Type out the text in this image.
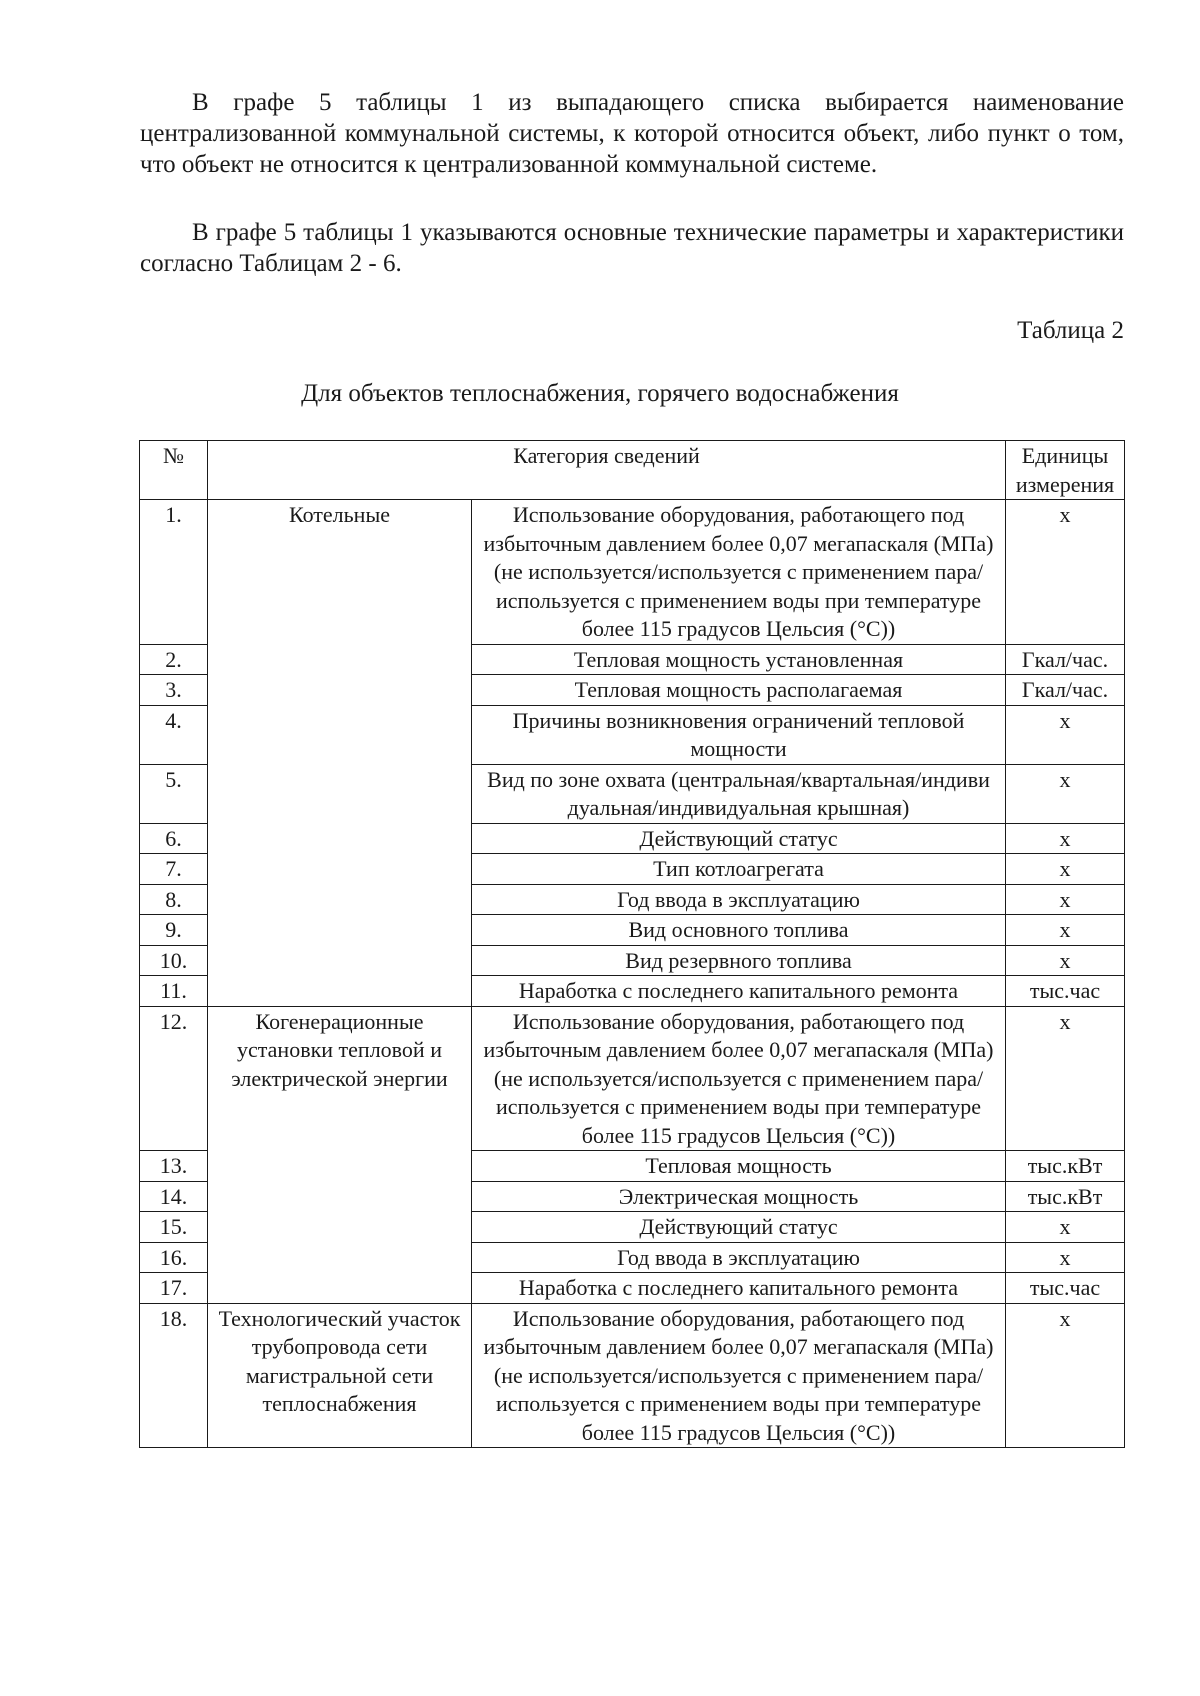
В графе 5 таблицы 1 из выпадающего списка выбирается наименование централизованной коммунальной системы, к которой относится объект, либо пункт о том, что объект не относится к централизованной коммунальной системе.

В графе 5 таблицы 1 указываются основные технические параметры и характеристики согласно Таблицам 2 - 6.

Таблица 2

Для объектов теплоснабжения, горячего водоснабжения

№	Категория сведений		Единицы измерения
1.	Котельные	Использование оборудования, работающего под избыточным давлением более 0,07 мегапаскаля (МПа) (не используется/используется с применением пара/используется с применением воды при температуре более 115 градусов Цельсия (°C))	x
2.		Тепловая мощность установленная	Гкал/час.
3.		Тепловая мощность располагаемая	Гкал/час.
4.		Причины возникновения ограничений тепловой мощности	x
5.		Вид по зоне охвата (центральная/квартальная/индиви дуальная/индивидуальная крышная)	x
6.		Действующий статус	x
7.		Тип котлоагрегата	x
8.		Год ввода в эксплуатацию	x
9.		Вид основного топлива	x
10.		Вид резервного топлива	x
11.		Наработка с последнего капитального ремонта	тыс.час
12.	Когенерационные установки тепловой и электрической энергии	Использование оборудования, работающего под избыточным давлением более 0,07 мегапаскаля (МПа) (не используется/используется с применением пара/используется с применением воды при температуре более 115 градусов Цельсия (°C))	x
13.		Тепловая мощность	тыс.кВт
14.		Электрическая мощность	тыс.кВт
15.		Действующий статус	x
16.		Год ввода в эксплуатацию	x
17.		Наработка с последнего капитального ремонта	тыс.час
18.	Технологический участок трубопровода сети магистральной сети теплоснабжения	Использование оборудования, работающего под избыточным давлением более 0,07 мегапаскаля (МПа) (не используется/используется с применением пара/используется с применением воды при температуре более 115 градусов Цельсия (°C))	x
